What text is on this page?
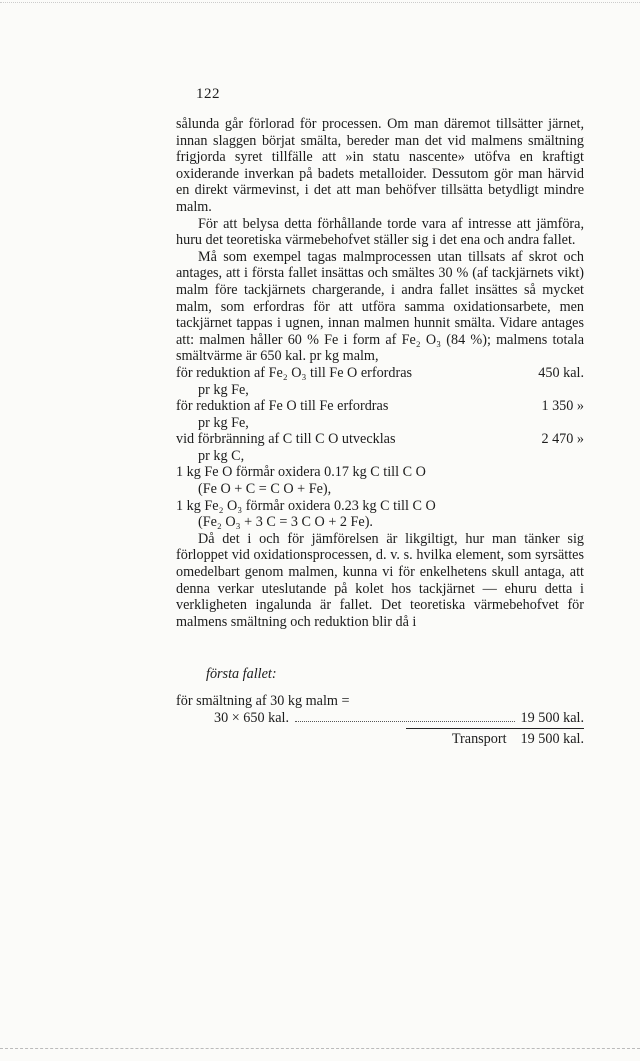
122

sålunda går förlorad för processen. Om man däremot tillsätter järnet, innan slaggen börjat smälta, bereder man det vid malmens smältning frigjorda syret tillfälle att »in statu nascente» utöfva en kraftigt oxiderande inverkan på badets metalloider. Dessutom gör man härvid en direkt värmevinst, i det att man behöfver tillsätta betydligt mindre malm.

För att belysa detta förhållande torde vara af intresse att jämföra, huru det teoretiska värmebehofvet ställer sig i det ena och andra fallet.

Må som exempel tagas malmprocessen utan tillsats af skrot och antages, att i första fallet insättas och smältes 30 % (af tackjärnets vikt) malm före tackjärnets chargerande, i andra fallet insättes så mycket malm, som erfordras för att utföra samma oxidationsarbete, men tackjärnet tappas i ugnen, innan malmen hunnit smälta. Vidare antages att: malmen håller 60 % Fe i form af Fe₂ O₃ (84 %); malmens totala smältvärme är 650 kal. pr kg malm,

för reduktion af Fe₂ O₃ till Fe O erfordras	450 kal.
pr kg Fe,
för reduktion af Fe O till Fe erfordras	1 350 »
pr kg Fe,
vid förbränning af C till C O utvecklas	2 470 »
pr kg C,
1 kg Fe O förmår oxidera 0.17 kg C till C O
(Fe O + C = C O + Fe),
1 kg Fe₂ O₃ förmår oxidera 0.23 kg C till C O
(Fe₂ O₃ + 3 C = 3 C O + 2 Fe).

Då det i och för jämförelsen är likgiltigt, hur man tänker sig förloppet vid oxidationsprocessen, d. v. s. hvilka element, som syrsättes omedelbart genom malmen, kunna vi för enkelhetens skull antaga, att denna verkar uteslutande på kolet hos tackjärnet — ehuru detta i verkligheten ingalunda är fallet. Det teoretiska värmebehofvet för malmens smältning och reduktion blir då i

första fallet:
för smältning af 30 kg malm =
30 × 650 kal.	19 500 kal.
Transport 19 500 kal.
